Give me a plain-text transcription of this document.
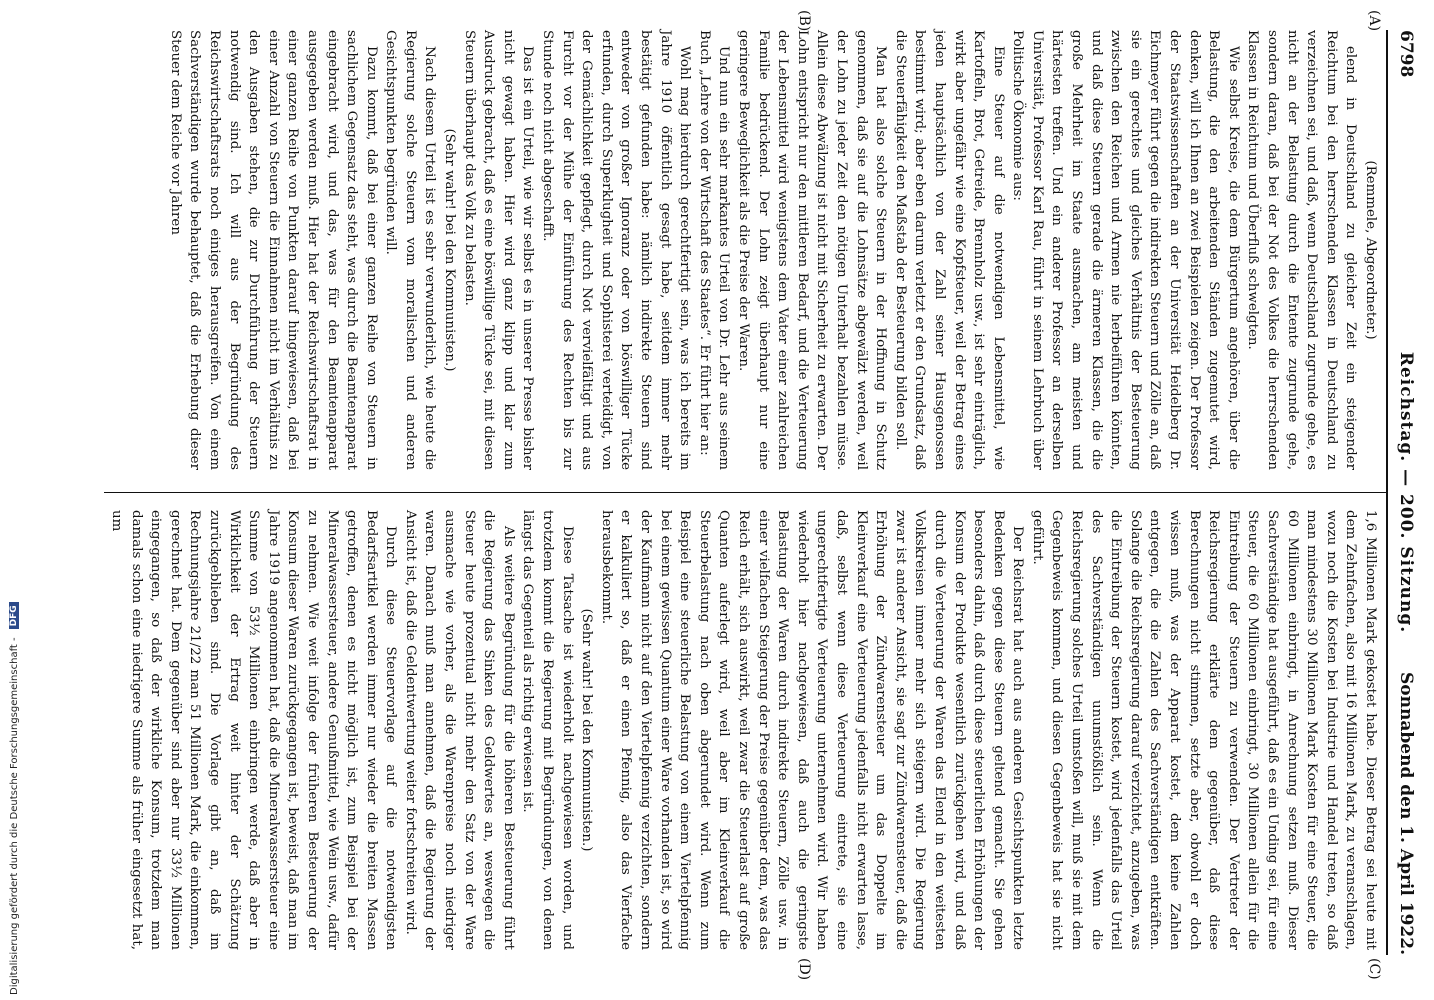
6798
Reichstag. — 200. Sitzung.
Sonnabend den 1. April 1922.
(A)
(B)
(C)
(D)

(Remmele, Abgeordneter.)

elend in Deutschland zu gleicher Zeit ein steigender Reichtum bei den herrschenden Klassen in Deutschland zu verzeichnen sei, und daß, wenn Deutschland zugrunde gehe, es nicht an der Belastung durch die Entente zugrunde gehe, sondern daran, daß bei der Not des Volkes die herrschenden Klassen in Reichtum und Überfluß schwelgten.

Wie selbst Kreise, die dem Bürgertum angehören, über die Belastung, die den arbeitenden Ständen zugemutet wird, denken, will ich Ihnen an zwei Beispielen zeigen. Der Professor der Staatswissenschaften an der Universität Heidelberg Dr. Eichmeyer führt gegen die indirekten Steuern und Zölle an, daß sie ein gerechtes und gleiches Verhältnis der Besteuerung zwischen den Reichen und Armen nie herbeiführen könnten, und daß diese Steuern gerade die ärmeren Klassen, die die große Mehrheit im Staate ausmachen, am meisten und härtesten treffen. Und ein anderer Professor an derselben Universität, Professor Karl Rau, führt in seinem Lehrbuch über Politische Ökonomie aus:

Eine Steuer auf die notwendigen Lebensmittel, wie Kartoffeln, Brot, Getreide, Brennholz usw., ist sehr einträglich, wirkt aber ungefähr wie eine Kopfsteuer, weil der Betrag eines jeden hauptsächlich von der Zahl seiner Hausgenossen bestimmt wird; aber eben darum verletzt er den Grundsatz, daß die Steuerfähigkeit den Maßstab der Besteuerung bilden soll.

Man hat also solche Steuern in der Hoffnung in Schutz genommen, daß sie auf die Lohnsätze abgewälzt werden, weil der Lohn zu jeder Zeit den nötigen Unterhalt bezahlen müsse. Allein diese Abwälzung ist nicht mit Sicherheit zu erwarten. Der Lohn entspricht nur den mittleren Bedarf, und die Verteuerung der Lebensmittel wird wenigstens dem Vater einer zahlreichen Familie bedrückend. Der Lohn zeigt überhaupt nur eine geringere Beweglichkeit als die Preise der Waren.

Und nun ein sehr markantes Urteil von Dr. Lehr aus seinem Buch „Lehre von der Wirtschaft des Staates“. Er führt hier an:

Wohl mag hierdurch gerechtfertigt sein, was ich bereits im Jahre 1910 öffentlich gesagt habe, seitdem immer mehr bestätigt gefunden habe: nämlich indirekte Steuern sind entweder von großer Ignoranz oder von böswilliger Tücke erfunden, durch Superklugheit und Sophisterei verteidigt, von der Gemächlichkeit gepflegt, durch Not vervielfältigt und aus Furcht vor der Mühe der Einführung des Rechten bis zur Stunde noch nicht abgeschafft.

Das ist ein Urteil, wie wir selbst es in unserer Presse bisher nicht gewagt haben. Hier wird ganz klipp und klar zum Ausdruck gebracht, daß es eine böswillige Tücke sei, mit diesen Steuern überhaupt das Volk zu belasten.

(Sehr wahr! bei den Kommunisten.)

Nach diesem Urteil ist es sehr verwunderlich, wie heute die Regierung solche Steuern vom moralischen und anderen Gesichtspunkten begründen will.

Dazu kommt, daß bei einer ganzen Reihe von Steuern in sachlichem Gegensatz das steht, was durch die Beamtenapparat eingebracht wird, und das, was für den Beamtenapparat ausgegeben werden muß. Hier hat der Reichswirtschaftsrat in einer ganzen Reihe von Punkten darauf hingewiesen, daß bei einer Anzahl von Steuern die Einnahmen nicht im Verhältnis zu den Ausgaben stehen, die zur Durchführung der Steuern notwendig sind. Ich will aus der Begründung des Reichswirtschaftsrats noch einiges herausgreifen. Von einem Sachverständigen wurde behauptet, daß die Erhebung dieser Steuer dem Reiche vor Jahren

1,6 Millionen Mark gekostet habe. Dieser Betrag sei heute mit dem Zehnfachen, also mit 16 Millionen Mark, zu veranschlagen, wozu noch die Kosten bei Industrie und Handel treten, so daß man mindestens 30 Millionen Mark Kosten für eine Steuer, die 60 Millionen einbringt, in Anrechnung setzen muß. Dieser Sachverständige hat ausgeführt, daß es ein Unding sei, für eine Steuer, die 60 Millionen einbringt, 30 Millionen allein für die Eintreibung der Steuern zu verwenden. Der Vertreter der Reichsregierung erklärte dem gegenüber, daß diese Berechnungen nicht stimmen, setzte aber, obwohl er doch wissen muß, was der Apparat kostet, dem keine Zahlen entgegen, die die Zahlen des Sachverständigen entkräften. Solange die Reichsregierung darauf verzichtet, anzugeben, was die Eintreibung der Steuern kostet, wird jedenfalls das Urteil des Sachverständigen unumstößlich sein. Wenn die Reichsregierung solches Urteil umstoßen will, muß sie mit dem Gegenbeweis kommen, und diesen Gegenbeweis hat sie nicht geführt.

Der Reichsrat hat auch aus anderen Gesichtspunkten letzte Bedenken gegen diese Steuern geltend gemacht. Sie gehen besonders dahin, daß durch diese steuerlichen Erhöhungen der Konsum der Produkte wesentlich zurückgehen wird, und daß durch die Verteuerung der Waren das Elend in den weitesten Volkskreisen immer mehr sich steigern wird. Die Regierung zwar ist anderer Ansicht, sie sagt zur Zündwarensteuer, daß die Erhöhung der Zündwarensteuer um das Doppelte im Kleinverkauf eine Verteuerung jedenfalls nicht erwarten lasse, daß, selbst wenn diese Verteuerung eintrete, sie eine ungerechtfertigte Verteuerung unternehmen wird. Wir haben wiederholt hier nachgewiesen, daß auch die geringste Belastung der Waren durch indirekte Steuern, Zölle usw. in einer vielfachen Steigerung der Preise gegenüber dem, was das Reich erhält, sich auswirkt, weil zwar die Steuerlast auf große Quanten auferlegt wird, weil aber im Kleinverkauf die Steuerbelastung nach oben abgerundet wird. Wenn zum Beispiel eine steuerliche Belastung von einem Viertelpfennig bei einem gewissen Quantum einer Ware vorhanden ist, so wird der Kaufmann nicht auf den Viertelpfennig verzichten, sondern er kalkuliert so, daß er einen Pfennig, also das Vierfache herausbekommt.

(Sehr wahr! bei den Kommunisten.)

Diese Tatsache ist wiederholt nachgewiesen worden, und trotzdem kommt die Regierung mit Begründungen, von denen längst das Gegenteil als richtig erwiesen ist.

Als weitere Begründung für die höheren Besteuerung führt die Regierung das Sinken des Geldwertes an, weswegen die Steuer heute prozentual nicht mehr den Satz von der Ware ausmache wie vorher, als die Warenpreise noch niedriger waren. Danach muß man annehmen, daß die Regierung der Ansicht ist, daß die Geldentwertung weiter fortschreiten wird.

Durch diese Steuervorlage auf die notwendigsten Bedarfsartikel werden immer nur wieder die breiten Massen getroffen, denen es nicht möglich ist, zum Beispiel bei der Mineralwassersteuer, andere Genußmittel, wie Wein usw., dafür zu nehmen. Wie weit infolge der früheren Besteuerung der Konsum dieser Waren zurückgegangen ist, beweist, daß man im Jahre 1919 angenommen hat, daß die Mineralwassersteuer eine Summe von 53½ Millionen einbringen werde, daß aber in Wirklichkeit der Ertrag weit hinter der Schätzung zurückgeblieben sind. Die Vorlage gibt an, daß im Rechnungsjahre 21/22 man 51 Millionen Mark, die einkommen, gerechnet hat. Dem gegenüber sind aber nur 33½ Millionen eingegangen, so daß der wirkliche Konsum, trotzdem man damals schon eine niedrigere Summe als früher eingesetzt hat, um

Digitalisierung gefördert durch die Deutsche Forschungsgemeinschaft -
DFG
